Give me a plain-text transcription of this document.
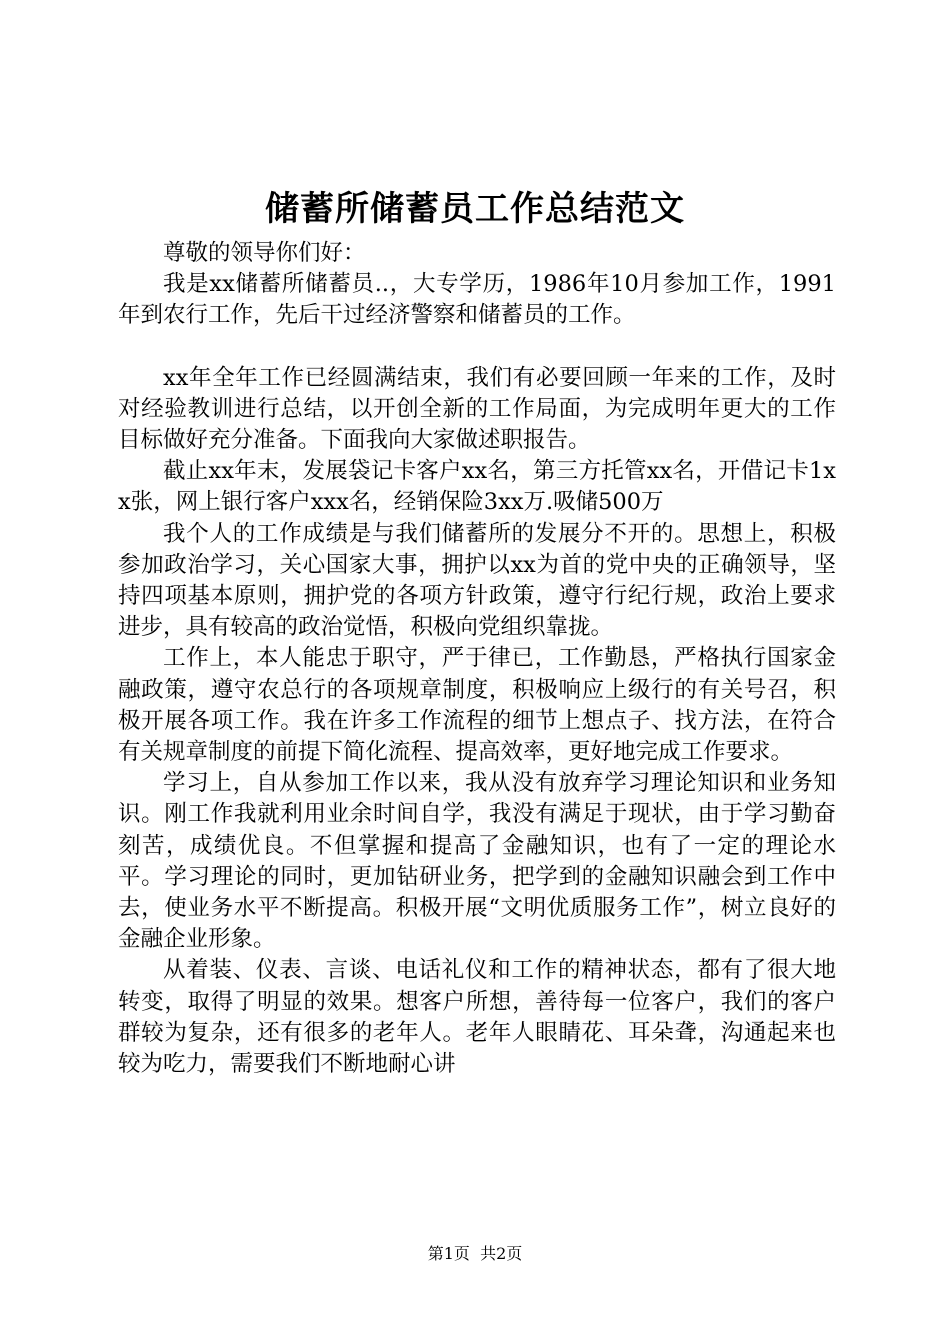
储蓄所储蓄员工作总结范文

尊敬的领导你们好：

我是xx储蓄所储蓄员..，大专学历，1986年10月参加工作，1991年到农行工作，先后干过经济警察和储蓄员的工作。

xx年全年工作已经圆满结束，我们有必要回顾一年来的工作，及时对经验教训进行总结，以开创全新的工作局面，为完成明年更大的工作目标做好充分准备。下面我向大家做述职报告。

截止xx年末，发展袋记卡客户xx名，第三方托管xx名，开借记卡1xx张，网上银行客户xxx名，经销保险3xx万.吸储500万

我个人的工作成绩是与我们储蓄所的发展分不开的。思想上，积极参加政治学习，关心国家大事，拥护以xx为首的党中央的正确领导，坚持四项基本原则，拥护党的各项方针政策，遵守行纪行规，政治上要求进步，具有较高的政治觉悟，积极向党组织靠拢。

工作上，本人能忠于职守，严于律已，工作勤恳，严格执行国家金融政策，遵守农总行的各项规章制度，积极响应上级行的有关号召，积极开展各项工作。我在许多工作流程的细节上想点子、找方法，在符合有关规章制度的前提下简化流程、提高效率，更好地完成工作要求。

学习上，自从参加工作以来，我从没有放弃学习理论知识和业务知识。刚工作我就利用业余时间自学，我没有满足于现状，由于学习勤奋刻苦，成绩优良。不但掌握和提高了金融知识，也有了一定的理论水平。学习理论的同时，更加钻研业务，把学到的金融知识融会到工作中去，使业务水平不断提高。积极开展“文明优质服务工作”，树立良好的金融企业形象。

从着装、仪表、言谈、电话礼仪和工作的精神状态，都有了很大地转变，取得了明显的效果。想客户所想，善待每一位客户，我们的客户群较为复杂，还有很多的老年人。老年人眼睛花、耳朵聋，沟通起来也较为吃力，需要我们不断地耐心讲

第1页  共2页
